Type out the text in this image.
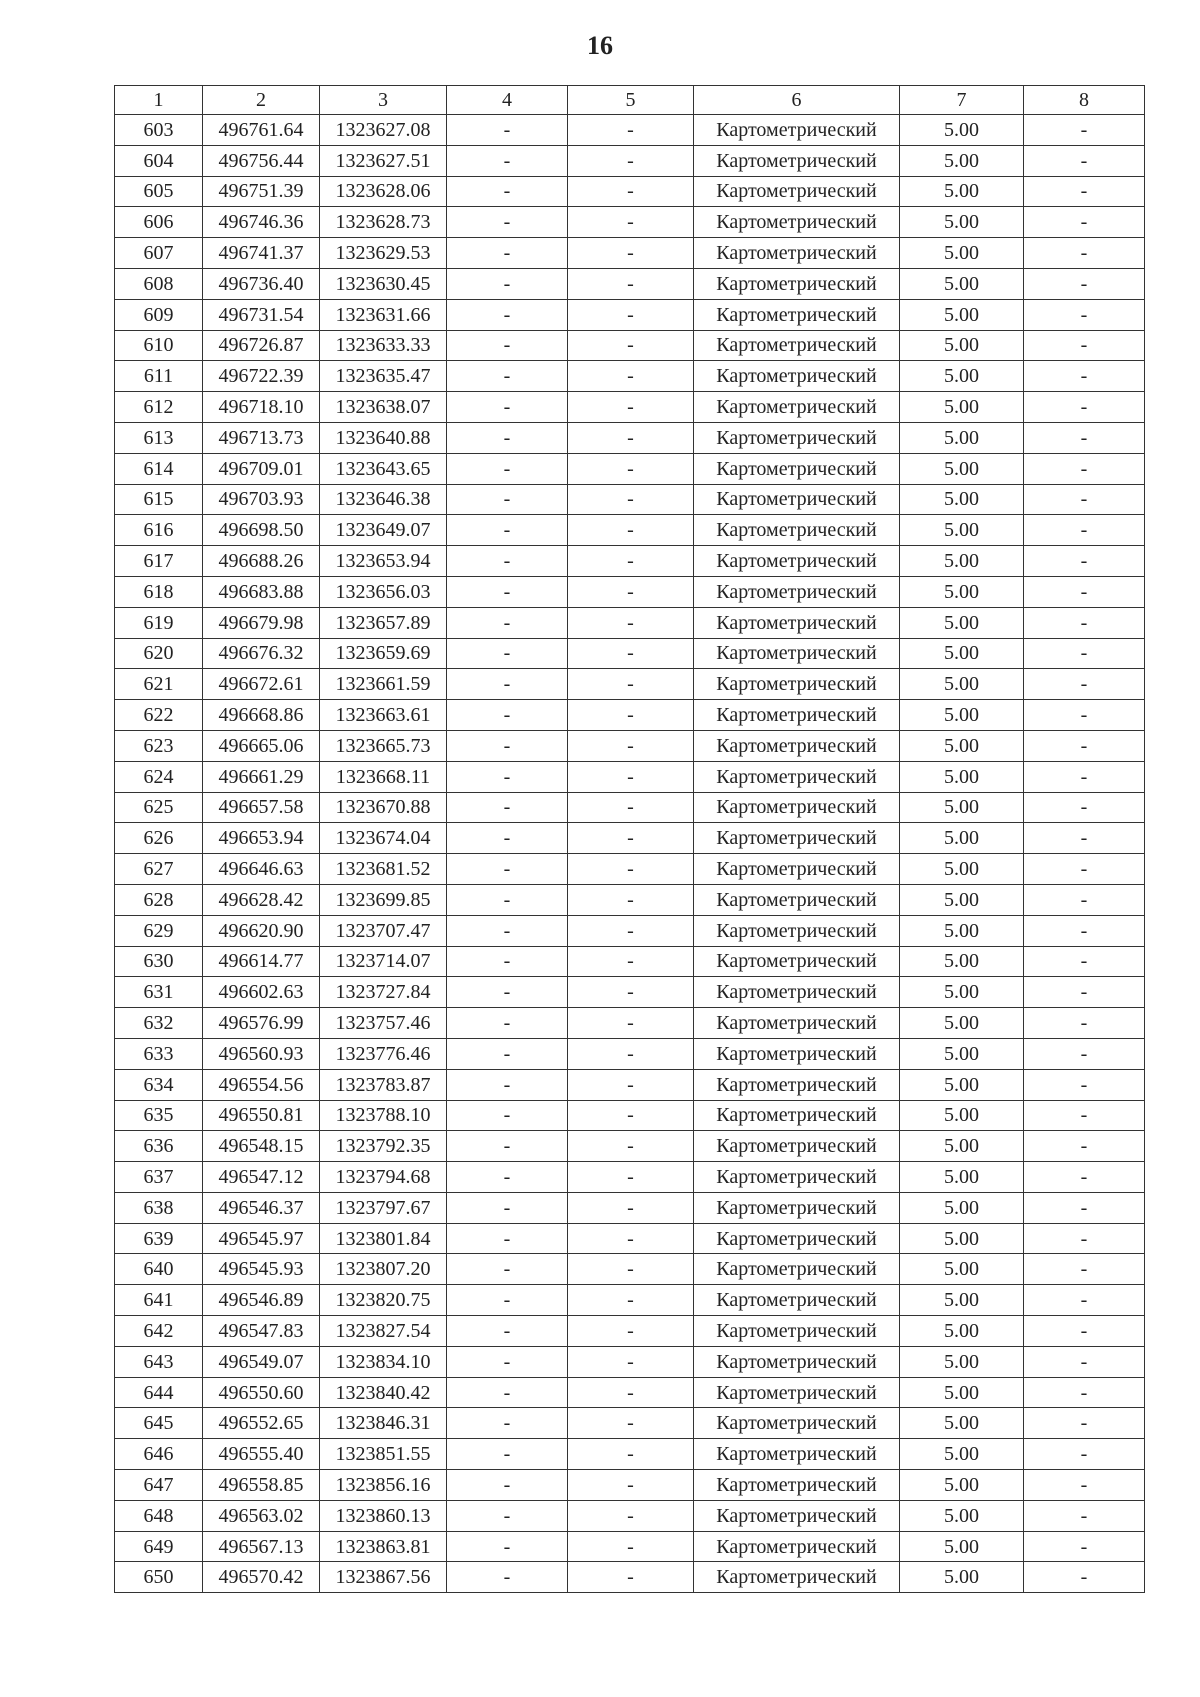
16
1	2	3	4	5	6	7	8
603	496761.64	1323627.08	-	-	Картометрический	5.00	-
604	496756.44	1323627.51	-	-	Картометрический	5.00	-
605	496751.39	1323628.06	-	-	Картометрический	5.00	-
606	496746.36	1323628.73	-	-	Картометрический	5.00	-
607	496741.37	1323629.53	-	-	Картометрический	5.00	-
608	496736.40	1323630.45	-	-	Картометрический	5.00	-
609	496731.54	1323631.66	-	-	Картометрический	5.00	-
610	496726.87	1323633.33	-	-	Картометрический	5.00	-
611	496722.39	1323635.47	-	-	Картометрический	5.00	-
612	496718.10	1323638.07	-	-	Картометрический	5.00	-
613	496713.73	1323640.88	-	-	Картометрический	5.00	-
614	496709.01	1323643.65	-	-	Картометрический	5.00	-
615	496703.93	1323646.38	-	-	Картометрический	5.00	-
616	496698.50	1323649.07	-	-	Картометрический	5.00	-
617	496688.26	1323653.94	-	-	Картометрический	5.00	-
618	496683.88	1323656.03	-	-	Картометрический	5.00	-
619	496679.98	1323657.89	-	-	Картометрический	5.00	-
620	496676.32	1323659.69	-	-	Картометрический	5.00	-
621	496672.61	1323661.59	-	-	Картометрический	5.00	-
622	496668.86	1323663.61	-	-	Картометрический	5.00	-
623	496665.06	1323665.73	-	-	Картометрический	5.00	-
624	496661.29	1323668.11	-	-	Картометрический	5.00	-
625	496657.58	1323670.88	-	-	Картометрический	5.00	-
626	496653.94	1323674.04	-	-	Картометрический	5.00	-
627	496646.63	1323681.52	-	-	Картометрический	5.00	-
628	496628.42	1323699.85	-	-	Картометрический	5.00	-
629	496620.90	1323707.47	-	-	Картометрический	5.00	-
630	496614.77	1323714.07	-	-	Картометрический	5.00	-
631	496602.63	1323727.84	-	-	Картометрический	5.00	-
632	496576.99	1323757.46	-	-	Картометрический	5.00	-
633	496560.93	1323776.46	-	-	Картометрический	5.00	-
634	496554.56	1323783.87	-	-	Картометрический	5.00	-
635	496550.81	1323788.10	-	-	Картометрический	5.00	-
636	496548.15	1323792.35	-	-	Картометрический	5.00	-
637	496547.12	1323794.68	-	-	Картометрический	5.00	-
638	496546.37	1323797.67	-	-	Картометрический	5.00	-
639	496545.97	1323801.84	-	-	Картометрический	5.00	-
640	496545.93	1323807.20	-	-	Картометрический	5.00	-
641	496546.89	1323820.75	-	-	Картометрический	5.00	-
642	496547.83	1323827.54	-	-	Картометрический	5.00	-
643	496549.07	1323834.10	-	-	Картометрический	5.00	-
644	496550.60	1323840.42	-	-	Картометрический	5.00	-
645	496552.65	1323846.31	-	-	Картометрический	5.00	-
646	496555.40	1323851.55	-	-	Картометрический	5.00	-
647	496558.85	1323856.16	-	-	Картометрический	5.00	-
648	496563.02	1323860.13	-	-	Картометрический	5.00	-
649	496567.13	1323863.81	-	-	Картометрический	5.00	-
650	496570.42	1323867.56	-	-	Картометрический	5.00	-
